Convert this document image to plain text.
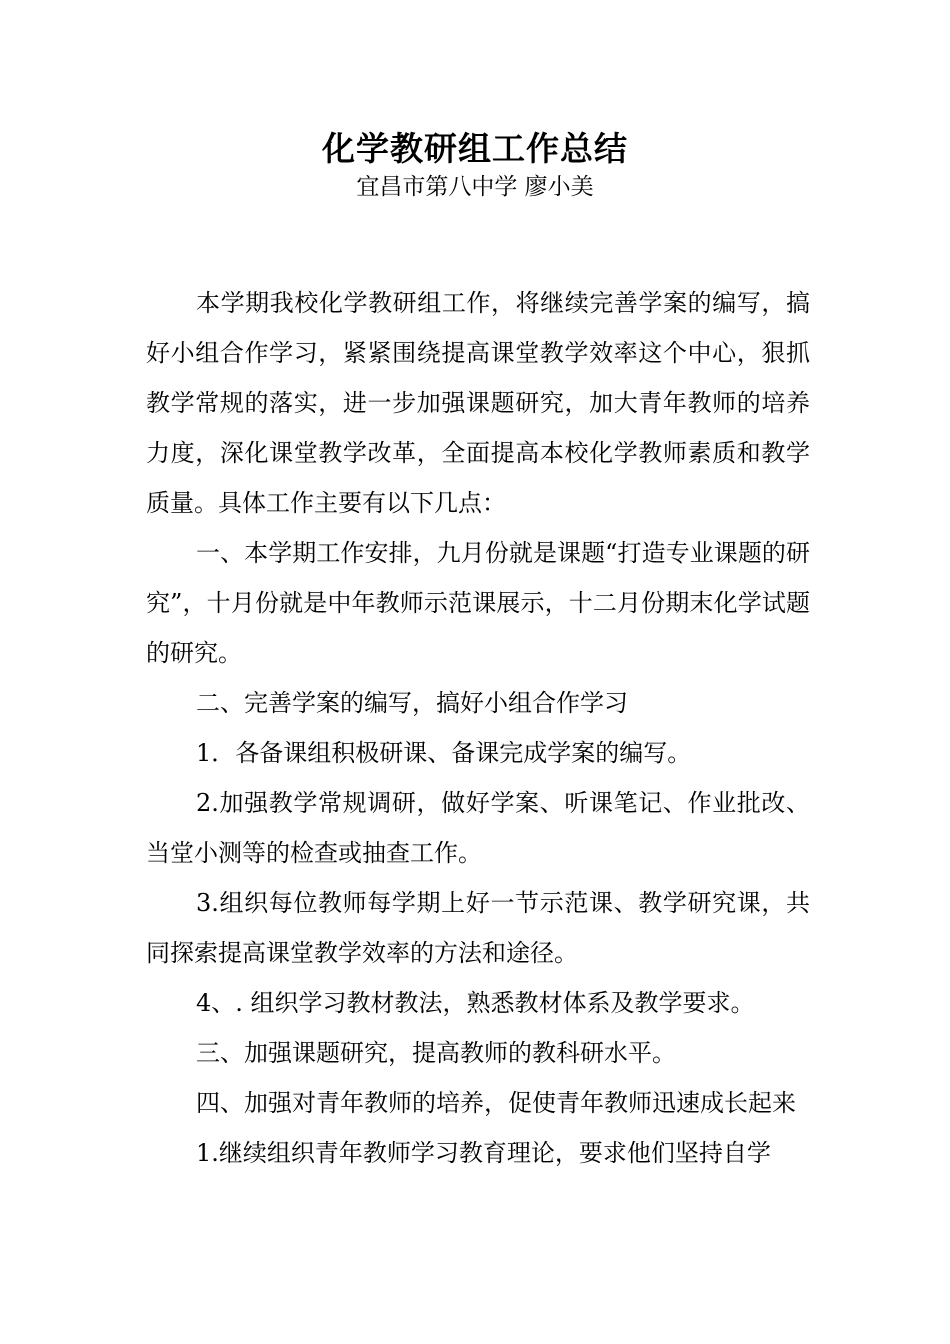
化学教研组工作总结
宜昌市第八中学 廖小美

本学期我校化学教研组工作，将继续完善学案的编写，搞好小组合作学习，紧紧围绕提高课堂教学效率这个中心，狠抓教学常规的落实，进一步加强课题研究，加大青年教师的培养力度，深化课堂教学改革，全面提高本校化学教师素质和教学质量。具体工作主要有以下几点：

一、本学期工作安排，九月份就是课题“打造专业课题的研究”，十月份就是中年教师示范课展示，十二月份期末化学试题的研究。

二、完善学案的编写，搞好小组合作学习

1．各备课组积极研课、备课完成学案的编写。

2.加强教学常规调研，做好学案、听课笔记、作业批改、当堂小测等的检查或抽查工作。

3.组织每位教师每学期上好一节示范课、教学研究课，共同探索提高课堂教学效率的方法和途径。

4、. 组织学习教材教法，熟悉教材体系及教学要求。

三、加强课题研究，提高教师的教科研水平。

四、加强对青年教师的培养，促使青年教师迅速成长起来

1.继续组织青年教师学习教育理论，要求他们坚持自学
